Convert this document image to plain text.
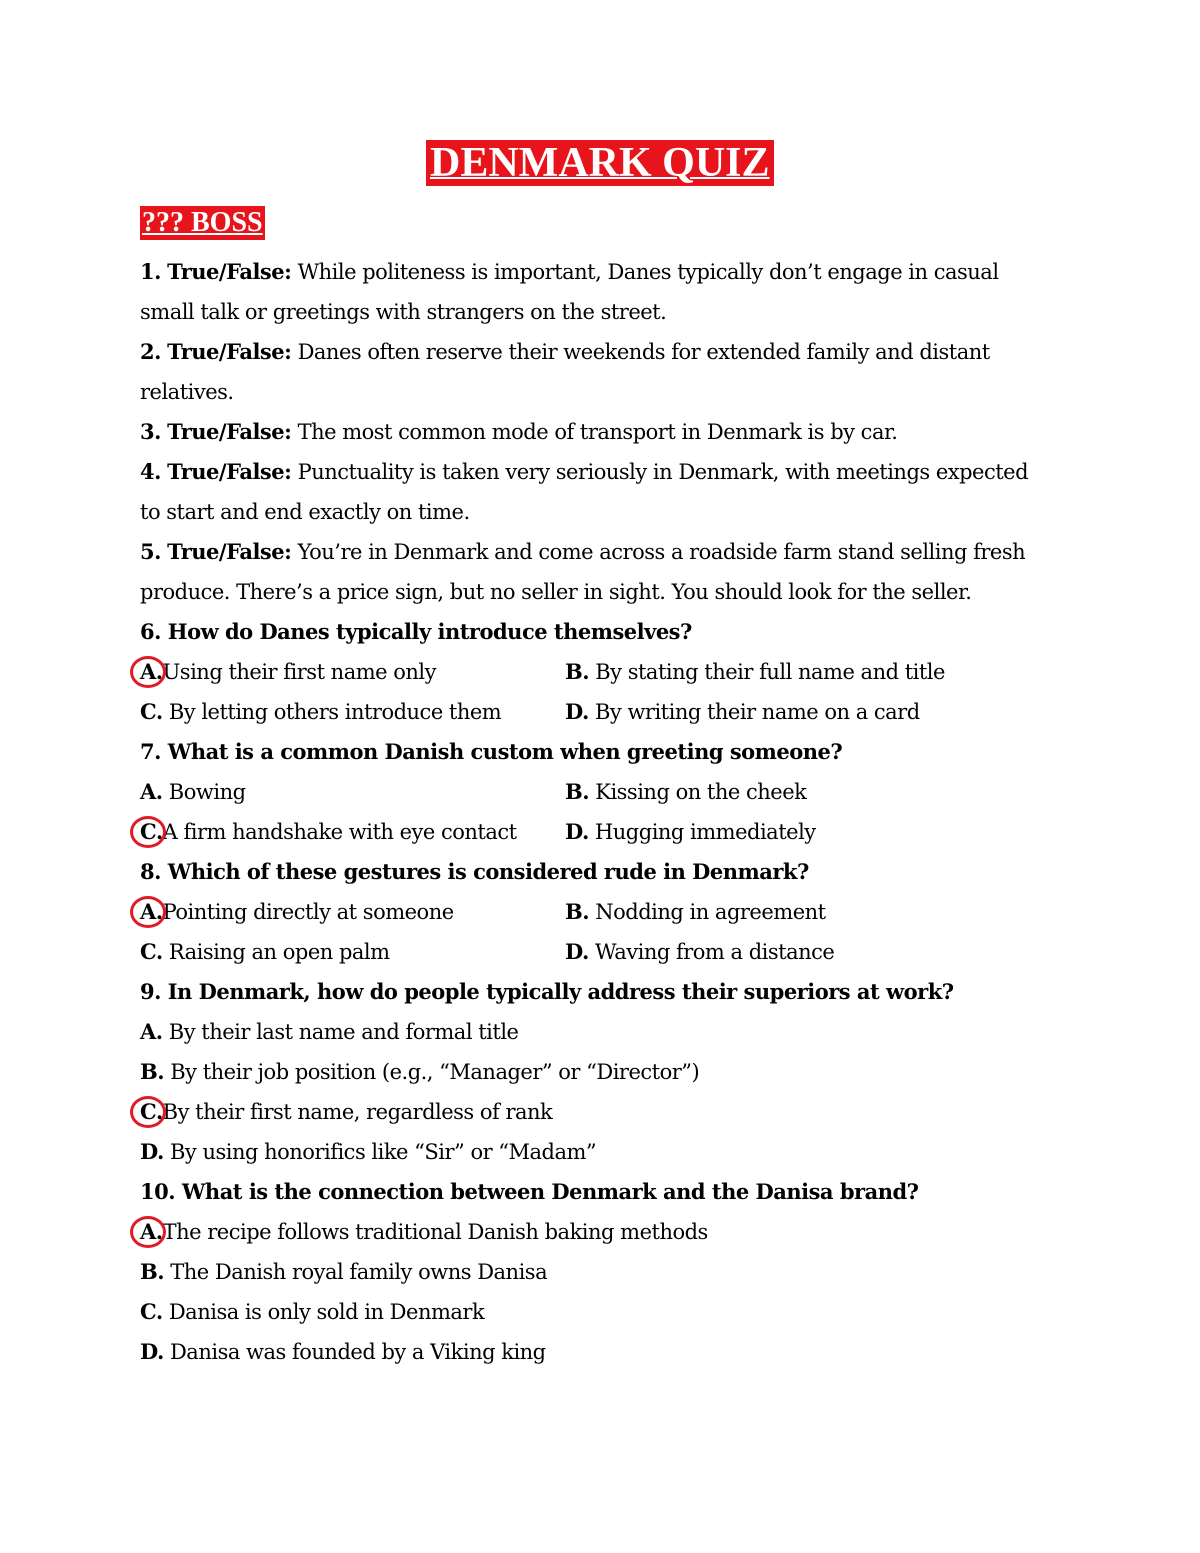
DENMARK QUIZ
??? BOSS
1. True/False: While politeness is important, Danes typically don’t engage in casual
small talk or greetings with strangers on the street.
2. True/False: Danes often reserve their weekends for extended family and distant
relatives.
3. True/False: The most common mode of transport in Denmark is by car.
4. True/False: Punctuality is taken very seriously in Denmark, with meetings expected
to start and end exactly on time.
5. True/False: You’re in Denmark and come across a roadside farm stand selling fresh
produce. There’s a price sign, but no seller in sight. You should look for the seller.
6. How do Danes typically introduce themselves?
A.Using their first name only	B. By stating their full name and title
C. By letting others introduce them	D. By writing their name on a card
7. What is a common Danish custom when greeting someone?
A. Bowing	B. Kissing on the cheek
C.A firm handshake with eye contact D. Hugging immediately
8. Which of these gestures is considered rude in Denmark?
A.Pointing directly at someone	B. Nodding in agreement
C. Raising an open palm	D. Waving from a distance
9. In Denmark, how do people typically address their superiors at work?
A. By their last name and formal title
B. By their job position (e.g., “Manager” or “Director”)
C.By their first name, regardless of rank
D. By using honorifics like “Sir” or “Madam”
10. What is the connection between Denmark and the Danisa brand?
A.The recipe follows traditional Danish baking methods
B. The Danish royal family owns Danisa
C. Danisa is only sold in Denmark
D. Danisa was founded by a Viking king
